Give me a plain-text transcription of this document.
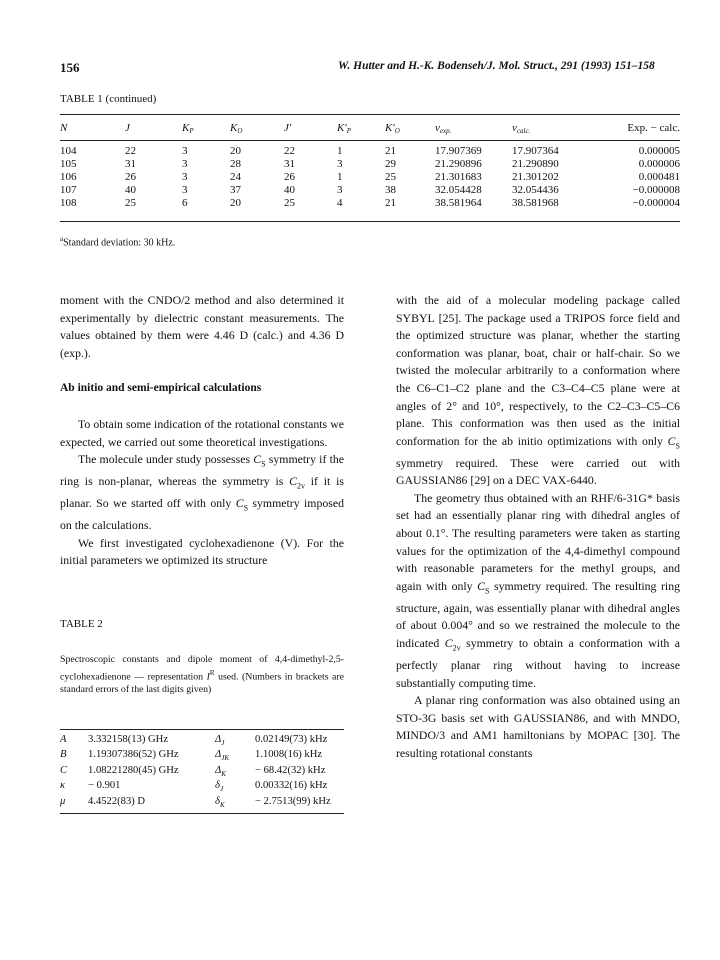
156	W. Hutter and H.-K. Bodenseh/J. Mol. Struct., 291 (1993) 151–158
TABLE 1 (continued)
N	J	$K_P$	$K_O$	J′	$K'_P$	$K'_O$	$\nu_{exp.}$	$\nu_{calc.}$	Exp. − calc.
104	22	3	20	22	1	21	17.907369	17.907364	0.000005
105	31	3	28	31	3	29	21.290896	21.290890	0.000006
106	26	3	24	26	1	25	21.301683	21.301202	0.000481
107	40	3	37	40	3	38	32.054428	32.054436	−0.000008
108	25	6	20	25	4	21	38.581964	38.581968	−0.000004
$^a$Standard deviation: 30 kHz.

moment with the CNDO/2 method and also determined it experimentally by dielectric constant measurements. The values obtained by them were 4.46 D (calc.) and 4.36 D (exp.).

Ab initio and semi-empirical calculations

To obtain some indication of the rotational constants we expected, we carried out some theoretical investigations.

The molecule under study possesses $C_S$ symmetry if the ring is non-planar, whereas the symmetry is $C_{2v}$ if it is planar. So we started off with only $C_S$ symmetry imposed on the calculations.

We first investigated cyclohexadienone (V). For the initial parameters we optimized its structure

TABLE 2
Spectroscopic constants and dipole moment of 4,4-dimethyl-2,5-cyclohexadienone — representation $I^R$ used. (Numbers in brackets are standard errors of the last digits given)
A 3.332158(13) GHz	$\Delta_J$	0.02149(73) kHz
B 1.19307386(52) GHz	$\Delta_{JK}$ 1.1008(16) kHz
C 1.08221280(45) GHz	$\Delta_K$	− 68.42(32) kHz
κ − 0.901	$\delta_J$	0.00332(16) kHz
μ 4.4522(83) D	$\delta_K$	− 2.7513(99) kHz

with the aid of a molecular modeling package called SYBYL [25]. The package used a TRIPOS force field and the optimized structure was planar, whether the starting conformation was planar, boat, chair or half-chair. So we twisted the molecular arbitrarily to a conformation where the C6–C1–C2 plane and the C3–C4–C5 plane were at angles of 2° and 10°, respectively, to the C2–C3–C5–C6 plane. This conformation was then used as the initial conformation for the ab initio optimizations with only $C_S$ symmetry required. These were carried out with GAUSSIAN86 [29] on a DEC VAX-6440.

The geometry thus obtained with an RHF/6-31G* basis set had an essentially planar ring with dihedral angles of about 0.1°. The resulting parameters were taken as starting values for the optimization of the 4,4-dimethyl compound with reasonable parameters for the methyl groups, and again with only $C_S$ symmetry required. The resulting ring structure, again, was essentially planar with dihedral angles of about 0.004° and so we restrained the molecule to the indicated $C_{2v}$ symmetry to obtain a conformation with a perfectly planar ring without having to increase substantially computing time.

A planar ring conformation was also obtained using an STO-3G basis set with GAUSSIAN86, and with MNDO, MINDO/3 and AM1 hamiltonians by MOPAC [30]. The resulting rotational constants
